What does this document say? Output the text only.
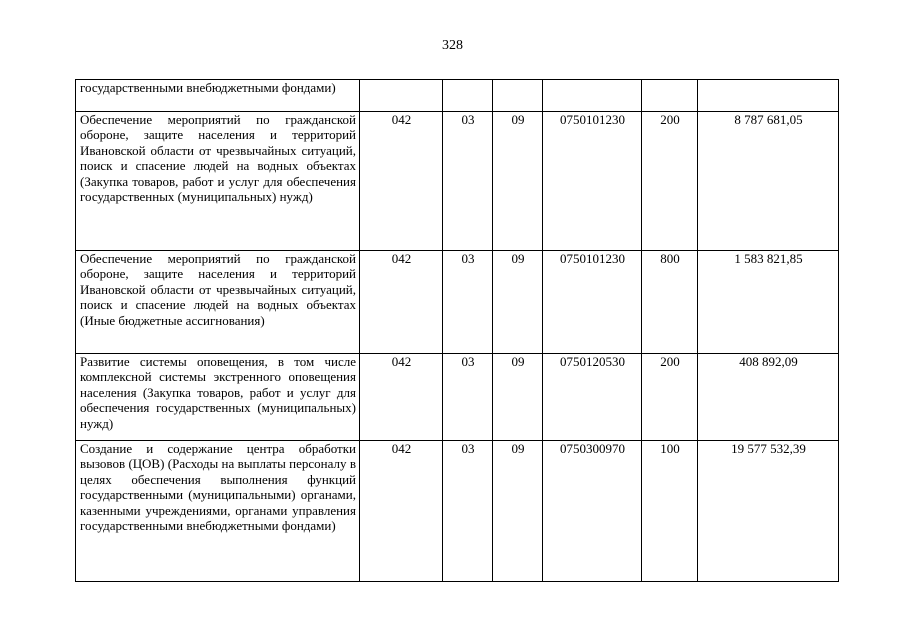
328
государственными внебюджетными фондами)						
Обеспечение мероприятий по гражданской обороне, защите населения и территорий Ивановской области от чрезвычайных ситуаций, поиск и спасение людей на водных объектах (Закупка товаров, работ и услуг для обеспечения государственных (муниципальных) нужд)	042	03	09	0750101230	200	8 787 681,05
Обеспечение мероприятий по гражданской обороне, защите населения и территорий Ивановской области от чрезвычайных ситуаций, поиск и спасение людей на водных объектах (Иные бюджетные ассигнования)	042	03	09	0750101230	800	1 583 821,85
Развитие системы оповещения, в том числе комплексной системы экстренного оповещения населения (Закупка товаров, работ и услуг для обеспечения государственных (муниципальных) нужд)	042	03	09	0750120530	200	408 892,09
Создание и содержание центра обработки вызовов (ЦОВ) (Расходы на выплаты персоналу в целях обеспечения выполнения функций государственными (муниципальными) органами, казенными учреждениями, органами управления государственными внебюджетными фондами)	042	03	09	0750300970	100	19 577 532,39
